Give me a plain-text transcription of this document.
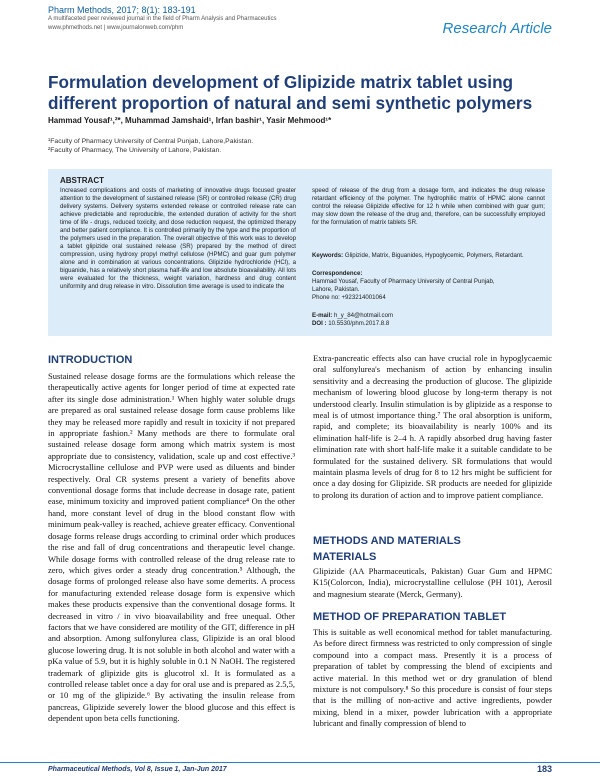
Pharm Methods, 2017; 8(1): 183-191
A multifaceted peer reviewed journal in the field of Pharm Analysis and Pharmaceutics
www.phmethods.net | www.journalonweb.com/phm	Research Article
Formulation development of Glipizide matrix tablet using different proportion of natural and semi synthetic polymers
Hammad Yousaf¹,²*, Muhammad Jamshaid¹, Irfan bashir¹, Yasir Mehmood¹*
¹Faculty of Pharmacy University of Central Punjab, Lahore,Pakistan.
²Faculty of Pharmacy, The University of Lahore, Pakistan.
ABSTRACT
Increased complications and costs of marketing of innovative drugs focused greater attention to the development of sustained release (SR) or controlled release (CR) drug delivery systems. Delivery systems extended release or controlled release rate can achieve predictable and reproducible, the extended duration of activity for the short time of life - drugs, reduced toxicity, and dose reduction request, the optimized therapy and better patient compliance. It is controlled primarily by the type and the proportion of the polymers used in the preparation. The overall objective of this work was to develop a tablet glipizide oral sustained release (SR) prepared by the method of direct compression, using hydroxy propyl methyl cellulose (HPMC) and guar gum polymer alone and in combination at various concentrations. Glipizide hydrochloride (HCl), a biguanide, has a relatively short plasma half-life and low absolute bioavailability. All lots were evaluated for the thickness, weight variation, hardness and drug content uniformity and drug release in vitro. Dissolution time average is used to indicate the
speed of release of the drug from a dosage form, and indicates the drug release retardant efficiency of the polymer. The hydrophilic matrix of HPMC alone cannot control the release Glipizide effective for 12 h while when combined with guar gum; may slow down the release of the drug and, therefore, can be successfully employed for the formulation of matrix tablets SR.
Keywords: Glipizide, Matrix, Biguanides, Hypoglycemic, Polymers, Retardant.
Correspondence:
Hammad Yousaf, Faculty of Pharmacy University of Central Punjab,
Lahore, Pakistan.
Phone no: +923214001064
E-mail: h_y_84@hotmail.com
DOI : 10.5530/phm.2017.8.8
INTRODUCTION
Sustained release dosage forms are the formulations which release the therapeutically active agents for longer period of time at expected rate after its single dose administration.¹ When highly water soluble drugs are prepared as oral sustained release dosage form cause problems like they may be released more rapidly and result in toxicity if not prepared in appropriate fashion.² Many methods are there to formulate oral sustained release dosage form among which matrix system is most appropriate due to consistency, validation, scale up and cost effective.³ Microcrystalline cellulose and PVP were used as diluents and binder respectively. Oral CR systems present a variety of benefits above conventional dosage forms that include decrease in dosage rate, patient ease, minimum toxicity and improved patient compliance⁴ On the other hand, more constant level of drug in the blood constant flow with minimum peak-valley is reached, achieve greater efficacy. Conventional dosage forms release drugs according to criminal order which produces the rise and fall of drug concentrations and therapeutic level change. While dosage forms with controlled release of the drug release rate to zero, which gives order a steady drug concentration.⁵ Although, the dosage forms of prolonged release also have some demerits. A process for manufacturing extended release dosage form is expensive which makes these products expensive than the conventional dosage forms. It decreased in vitro / in vivo bioavailability and free unequal. Other factors that we have considered are motility of the GIT, difference in pH and absorption. Among sulfonylurea class, Glipizide is an oral blood glucose lowering drug. It is not soluble in both alcohol and water with a pKa value of 5.9, but it is highly soluble in 0.1 N NaOH. The registered trademark of glipizide gits is glucotrol xl. It is formulated as a controlled release tablet once a day for oral use and is prepared as 2.5,5, or 10 mg of the glipizide.⁶ By activating the insulin release from pancreas, Glipizide severely lower the blood glucose and this effect is dependent upon beta cells functioning.
Extra-pancreatic effects also can have crucial role in hypoglycaemic oral sulfonylurea's mechanism of action by enhancing insulin sensitivity and a decreasing the production of glucose. The glipizide mechanism of lowering blood glucose by long-term therapy is not understood clearly. Insulin stimulation is by glipizide as a response to meal is of utmost importance thing.⁷ The oral absorption is uniform, rapid, and complete; its bioavailability is nearly 100% and its elimination half-life is 2–4 h. A rapidly absorbed drug having faster elimination rate with short half-life make it a suitable candidate to be formulated for the sustained delivery. SR formulations that would maintain plasma levels of drug for 8 to 12 hrs might be sufficient for once a day dosing for Glipizide. SR products are needed for glipizide to prolong its duration of action and to improve patient compliance.
METHODS AND MATERIALS
MATERIALS
Glipizide (AA Pharmaceuticals, Pakistan) Guar Gum and HPMC K15(Colorcon, India), microcrystalline cellulose (PH 101), Aerosil and magnesium stearate (Merck, Germany).
METHOD OF PREPARATION TABLET
This is suitable as well economical method for tablet manufacturing. As before direct firmness was restricted to only compression of single compound into a compact mass. Presently it is a process of preparation of tablet by compressing the blend of excipients and active material. In this method wet or dry granulation of blend mixture is not compulsory.⁸ So this procedure is consist of four steps that is the milling of non-active and active ingredients, powder mixing, blend in a mixer, powder lubrication with a appropriate lubricant and finally compression of blend to
Pharmaceutical Methods, Vol 8, Issue 1, Jan-Jun 2017	183
